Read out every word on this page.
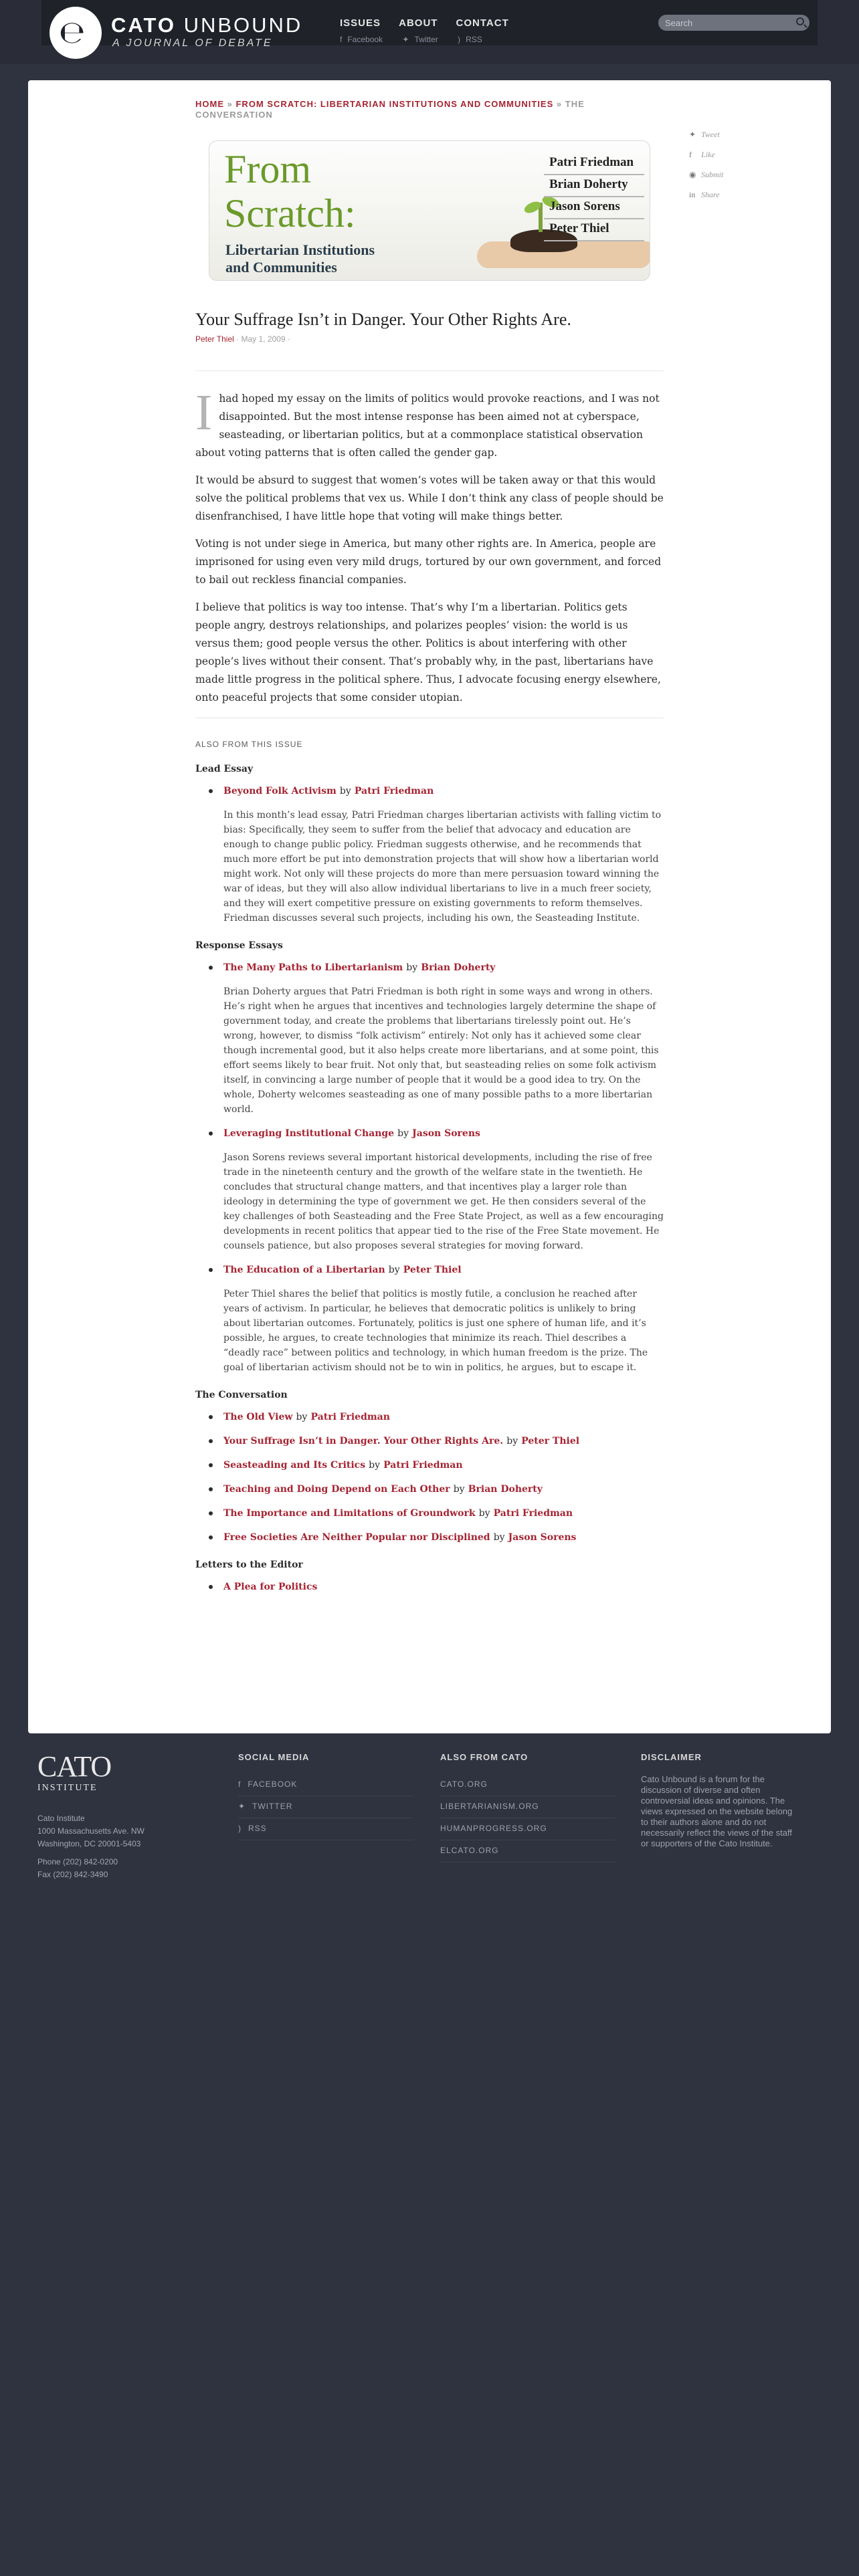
℮ CATO UNBOUND
A JOURNAL OF DEBATE
ISSUES ABOUT CONTACT
f Facebook ✦ Twitter ) RSS
Search
HOME » FROM SCRATCH: LIBERTARIAN INSTITUTIONS AND COMMUNITIES » THE CONVERSATION
From
Scratch:
Libertarian Institutions
and Communities
Patri Friedman
Brian Doherty
Jason Sorens
Peter Thiel
Your Suffrage Isn’t in Danger. Your Other Rights Are.
Peter Thiel · May 1, 2009 ·

Ihad hoped my essay on the limits of politics would provoke reactions, and I was not disappointed. But the most intense response has been aimed not at cyberspace, seasteading, or libertarian politics, but at a commonplace statistical observation about voting patterns that is often called the gender gap.

It would be absurd to suggest that women’s votes will be taken away or that this would solve the political problems that vex us. While I don’t think any class of people should be disenfranchised, I have little hope that voting will make things better.

Voting is not under siege in America, but many other rights are. In America, people are imprisoned for using even very mild drugs, tortured by our own government, and forced to bail out reckless financial companies.

I believe that politics is way too intense. That’s why I’m a libertarian. Politics gets people angry, destroys relationships, and polarizes peoples’ vision: the world is us versus them; good people versus the other. Politics is about interfering with other people’s lives without their consent. That’s probably why, in the past, libertarians have made little progress in the political sphere. Thus, I advocate focusing energy elsewhere, onto peaceful projects that some consider utopian.

ALSO FROM THIS ISSUE
Lead Essay
Beyond Folk Activism by Patri Friedman
In this month’s lead essay, Patri Friedman charges libertarian activists with falling victim to bias: Specifically, they seem to suffer from the belief that advocacy and education are enough to change public policy. Friedman suggests otherwise, and he recommends that much more effort be put into demonstration projects that will show how a libertarian world might work. Not only will these projects do more than mere persuasion toward winning the war of ideas, but they will also allow individual libertarians to live in a much freer society, and they will exert competitive pressure on existing governments to reform themselves. Friedman discusses several such projects, including his own, the Seasteading Institute.
Response Essays
The Many Paths to Libertarianism by Brian Doherty
Brian Doherty argues that Patri Friedman is both right in some ways and wrong in others. He’s right when he argues that incentives and technologies largely determine the shape of government today, and create the problems that libertarians tirelessly point out. He’s wrong, however, to dismiss “folk activism” entirely: Not only has it achieved some clear though incremental good, but it also helps create more libertarians, and at some point, this effort seems likely to bear fruit. Not only that, but seasteading relies on some folk activism itself, in convincing a large number of people that it would be a good idea to try. On the whole, Doherty welcomes seasteading as one of many possible paths to a more libertarian world.
Leveraging Institutional Change by Jason Sorens
Jason Sorens reviews several important historical developments, including the rise of free trade in the nineteenth century and the growth of the welfare state in the twentieth. He concludes that structural change matters, and that incentives play a larger role than ideology in determining the type of government we get. He then considers several of the key challenges of both Seasteading and the Free State Project, as well as a few encouraging developments in recent politics that appear tied to the rise of the Free State movement. He counsels patience, but also proposes several strategies for moving forward.
The Education of a Libertarian by Peter Thiel
Peter Thiel shares the belief that politics is mostly futile, a conclusion he reached after years of activism. In particular, he believes that democratic politics is unlikely to bring about libertarian outcomes. Fortunately, politics is just one sphere of human life, and it’s possible, he argues, to create technologies that minimize its reach. Thiel describes a “deadly race” between politics and technology, in which human freedom is the prize. The goal of libertarian activism should not be to win in politics, he argues, but to escape it.
The Conversation
The Old View by Patri Friedman
Your Suffrage Isn’t in Danger. Your Other Rights Are. by Peter Thiel
Seasteading and Its Critics by Patri Friedman
Teaching and Doing Depend on Each Other by Brian Doherty
The Importance and Limitations of Groundwork by Patri Friedman
Free Societies Are Neither Popular nor Disciplined by Jason Sorens
Letters to the Editor
A Plea for Politics
✦ Tweet
f Like
◉ Submit
in Share
CATO
INSTITUTE
Cato Institute
1000 Massachusetts Ave. NW
Washington, DC 20001-5403
Phone (202) 842-0200
Fax (202) 842-3490
SOCIAL MEDIA
f FACEBOOK
✦ TWITTER
) RSS
ALSO FROM CATO
CATO.ORG
LIBERTARIANISM.ORG
HUMANPROGRESS.ORG
ELCATO.ORG
DISCLAIMER
Cato Unbound is a forum for the discussion of diverse and often controversial ideas and opinions. The views expressed on the website belong to their authors alone and do not necessarily reflect the views of the staff or supporters of the Cato Institute.
